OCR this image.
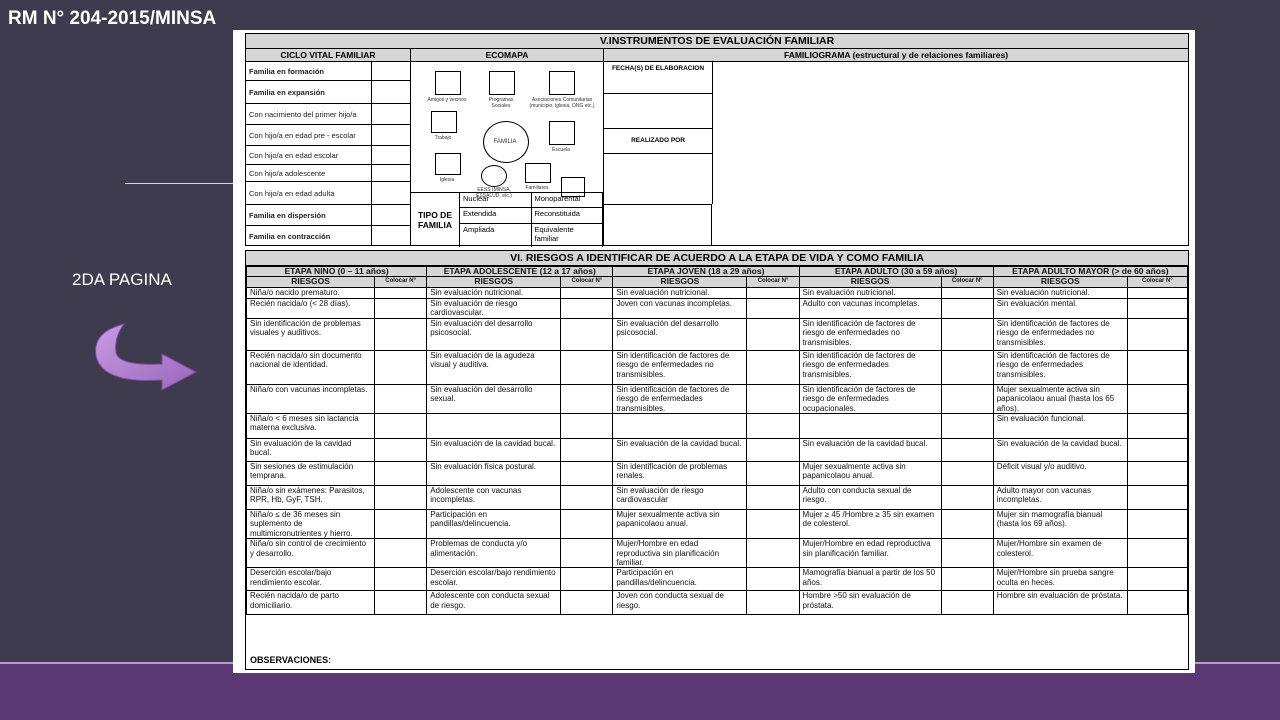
RM N° 204-2015/MINSA
2DA PAGINA
V.INSTRUMENTOS DE EVALUACIÓN FAMILIAR
CICLO VITAL FAMILIAR
Familia en formación
Familia en expansión
Con nacimiento del primer hijo/a
Con hijo/a en edad pre - escolar
Con hijo/a en edad escolar
Con hijo/a adolescente
Con hijo/a en edad adulta
Familia en dispersión
Familia en contracción
ECOMAPA
Amigos y vecinos	Programas Sociales
Asociaciones Comunitarias (municipio, iglesia, ONG etc.)
Trabajo
FAMILIA
Escuela
Iglesia
EESS (MINSA, ESSALUD, etc.)
Familiares
TIPO DE FAMILIA
Nuclear	Monoparental
Extendida	Reconstituida
Ampliada	Equivalente familiar
FAMILIOGRAMA (estructural y de relaciones familiares)
FECHA(S) DE ELABORACION
REALIZADO POR
VI. RIESGOS A IDENTIFICAR DE ACUERDO A LA ETAPA DE VIDA Y COMO FAMILIA
ETAPA NINO (0 – 11 años)		ETAPA ADOLESCENTE (12 a 17 años)		ETAPA JOVEN (18 a 29 años)		ETAPA ADULTO (30 a 59 años)		ETAPA ADULTO MAYOR (> de 60 años)	
RIESGOS	Colocar N°	RIESGOS	Colocar N°	RIESGOS	Colocar N°	RIESGOS	Colocar N°	RIESGOS	Colocar N°
Niña/o nacido prematuro.		Sin evaluación nutricional.		Sin evaluación nutricional.		Sin evaluación nutricional.		Sin evaluación nutricional.	
Recién nacida/o (< 28 días).		Sin evaluación de riesgo cardiovascular.		Joven con vacunas incompletas.		Adulto con vacunas incompletas.		Sin evaluación mental.	
Sin identificación de problemas visuales y auditivos.		Sin evaluación del desarrollo psicosocial.		Sin evaluación del desarrollo psicosocial.		Sin identificación de factores de riesgo de enfermedades no transmisibles.		Sin identificación de factores de riesgo de enfermedades no transmisibles.	
Recién nacida/o sin documento nacional de identidad.		Sin evaluación de la agudeza visual y auditiva.		Sin identificación de factores de riesgo de enfermedades no transmisibles.		Sin identificación de factores de riesgo de enfermedades transmisibles.		Sin identificación de factores de riesgo de enfermedades transmisibles.	
Niña/o con vacunas incompletas.		Sin evaluación del desarrollo sexual.		Sin identificación de factores de riesgo de enfermedades transmisibles.		Sin identificación de factores de riesgo de enfermedades ocupacionales.		Mujer sexualmente activa sin papanicolaou anual (hasta los 65 años).	
Niña/o < 6 meses sin lactancia materna exclusiva.								Sin evaluación funcional.	
Sin evaluación de la cavidad bucal.		Sin evaluación de la cavidad bucal.		Sin evaluación de la cavidad bucal.		Sin evaluación de la cavidad bucal.		Sin evaluación de la cavidad bucal.	
Sin sesiones de estimulación temprana.		Sin evaluación física postural.		Sin identificación de problemas renales.		Mujer sexualmente activa sin papanicolaou anual.		Déficit visual y/o auditivo.	
Niña/o sin exámenes: Parasitos, RPR, Hb, GyF, TSH.		Adolescente con vacunas incompletas.		Sin evaluación de riesgo cardiovascular		Adulto con conducta sexual de riesgo.		Adulto mayor con vacunas incompletas.	
Niña/o ≤ de 36 meses sin suplemento de multimicronutrientes y hierro.		Participación en pandillas/delincuencia.		Mujer sexualmente activa sin papanicolaou anual.		Mujer ≥ 45 /Hombre ≥ 35 sin examen de colesterol.		Mujer sin mamografía bianual (hasta los 69 años).	
Niña/o sin control de crecimiento y desarrollo.		Problemas de conducta y/o alimentación.		Mujer/Hombre en edad reproductiva sin planificación familiar.		Mujer/Hombre en edad reproductiva sin planificación familiar.		Mujer/Hombre sin examen de colesterol.	
Deserción escolar/bajo rendimiento escolar.		Deserción escolar/bajo rendimiento escolar.		Participación en pandillas/delincuencia.		Mamografía bianual a partir de los 50 años.		Mujer/Hombre sin prueba sangre oculta en heces.	
Recién nacida/o de parto domiciliario.		Adolescente con conducta sexual de riesgo.		Joven con conducta sexual de riesgo.		Hombre >50 sin evaluación de próstata.		Hombre sin evaluación de próstata.	
OBSERVACIONES:
